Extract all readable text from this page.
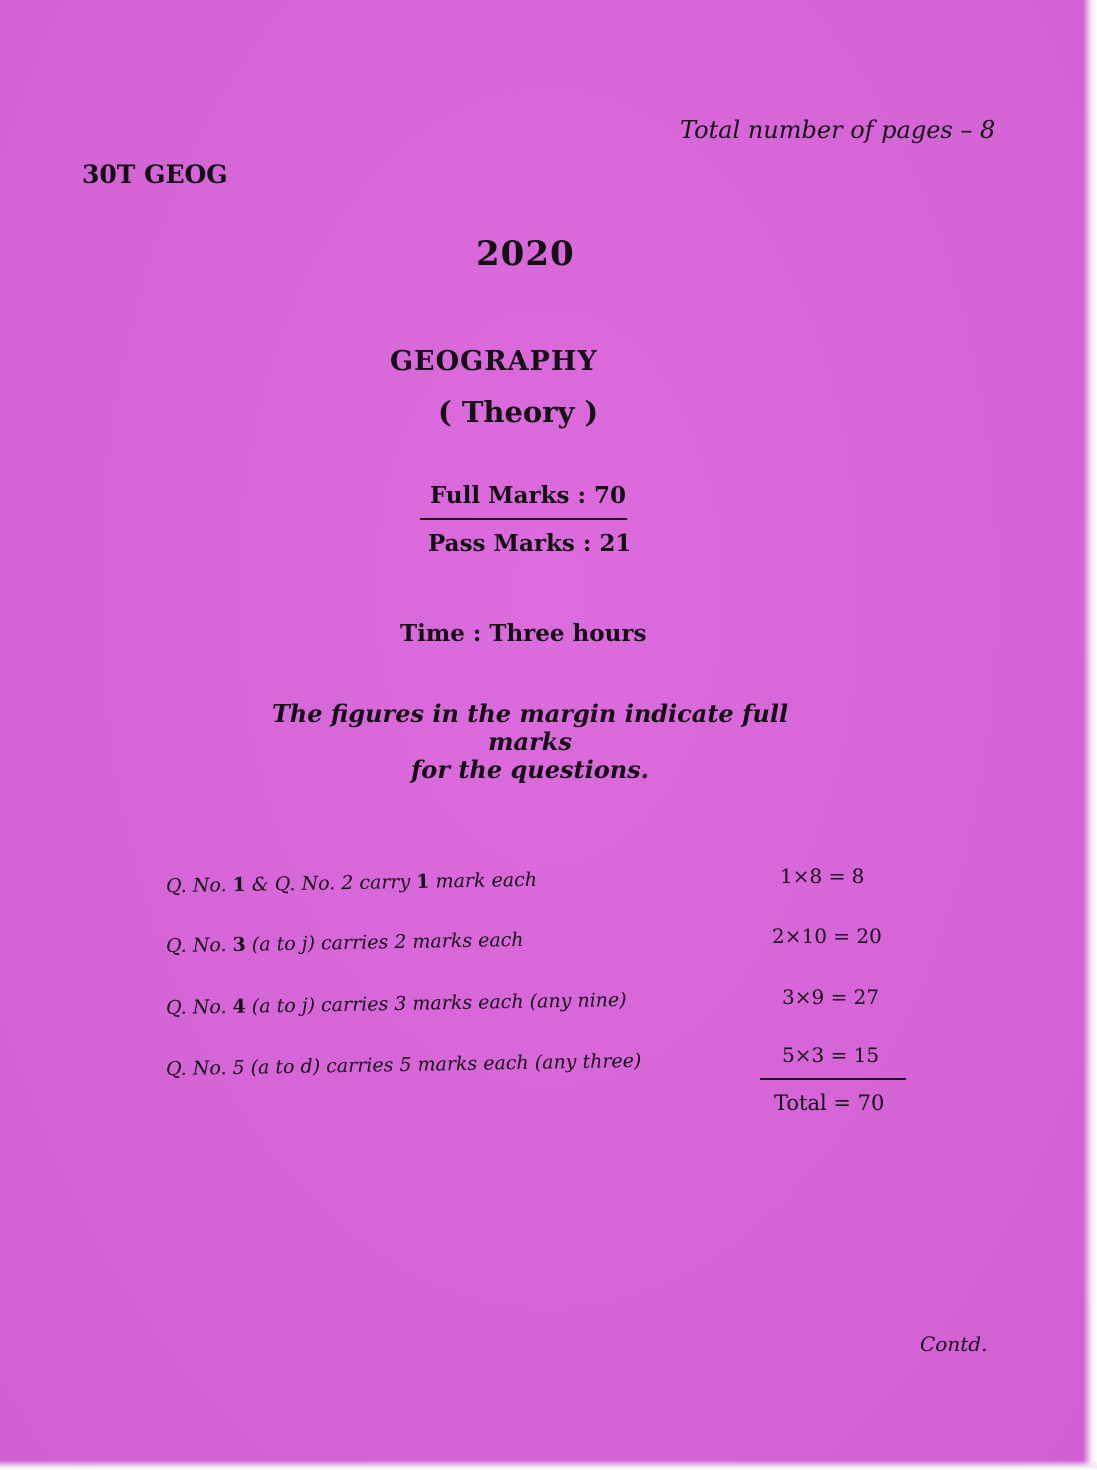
Total number of pages – 8
30T GEOG
2020
GEOGRAPHY
( Theory )
Full Marks : 70
Pass Marks : 21
Time : Three hours
The figures in the margin indicate full marks
for the questions.
Q. No. 1 & Q. No. 2 carry 1 mark each	1×8 = 8
Q. No. 3 (a to j) carries 2 marks each	2×10 = 20
Q. No. 4 (a to j) carries 3 marks each (any nine)	3×9 = 27
Q. No. 5 (a to d) carries 5 marks each (any three)	5×3 = 15
Total = 70
Contd.
